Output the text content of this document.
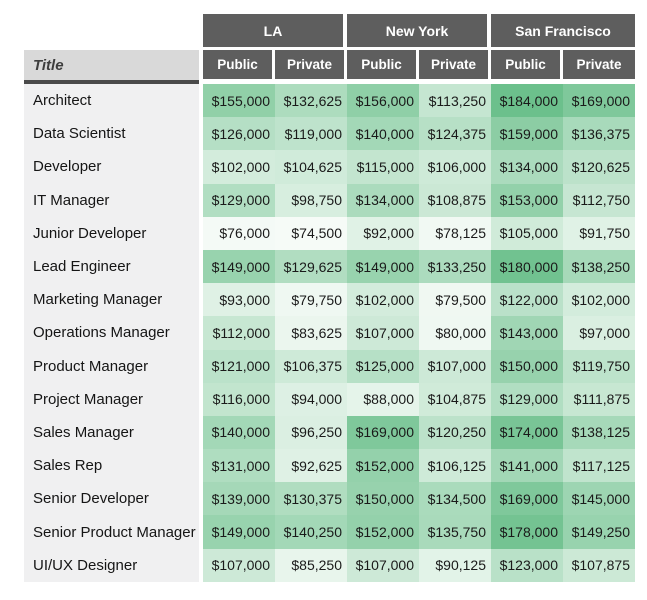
LA	New York	San Francisco
Title	Public	Private	Public	Private	Public	Private
Architect	$155,000 $132,625 $156,000	$113,250 $184,000 $169,000
Data Scientist	$126,000	$119,000 $140,000 $124,375 $159,000 $136,375
Developer	$102,000 $104,625	$115,000 $106,000 $134,000 $120,625
IT Manager	$129,000	$98,750 $134,000 $108,875 $153,000	$112,750
Junior Developer	$76,000	$74,500	$92,000	$78,125 $105,000	$91,750
Lead Engineer	$149,000 $129,625 $149,000 $133,250 $180,000 $138,250
Marketing Manager	$93,000	$79,750 $102,000	$79,500 $122,000 $102,000
Operations Manager	$112,000	$83,625 $107,000	$80,000 $143,000	$97,000
Product Manager	$121,000 $106,375 $125,000 $107,000 $150,000	$119,750
Project Manager	$116,000	$94,000	$88,000 $104,875 $129,000	$111,875
Sales Manager	$140,000	$96,250 $169,000 $120,250 $174,000 $138,125
Sales Rep	$131,000	$92,625 $152,000 $106,125 $141,000	$117,125
Senior Developer	$139,000 $130,375 $150,000 $134,500 $169,000 $145,000
Senior Product Manager	$149,000 $140,250 $152,000 $135,750 $178,000 $149,250
UI/UX Designer	$107,000	$85,250 $107,000	$90,125 $123,000 $107,875
